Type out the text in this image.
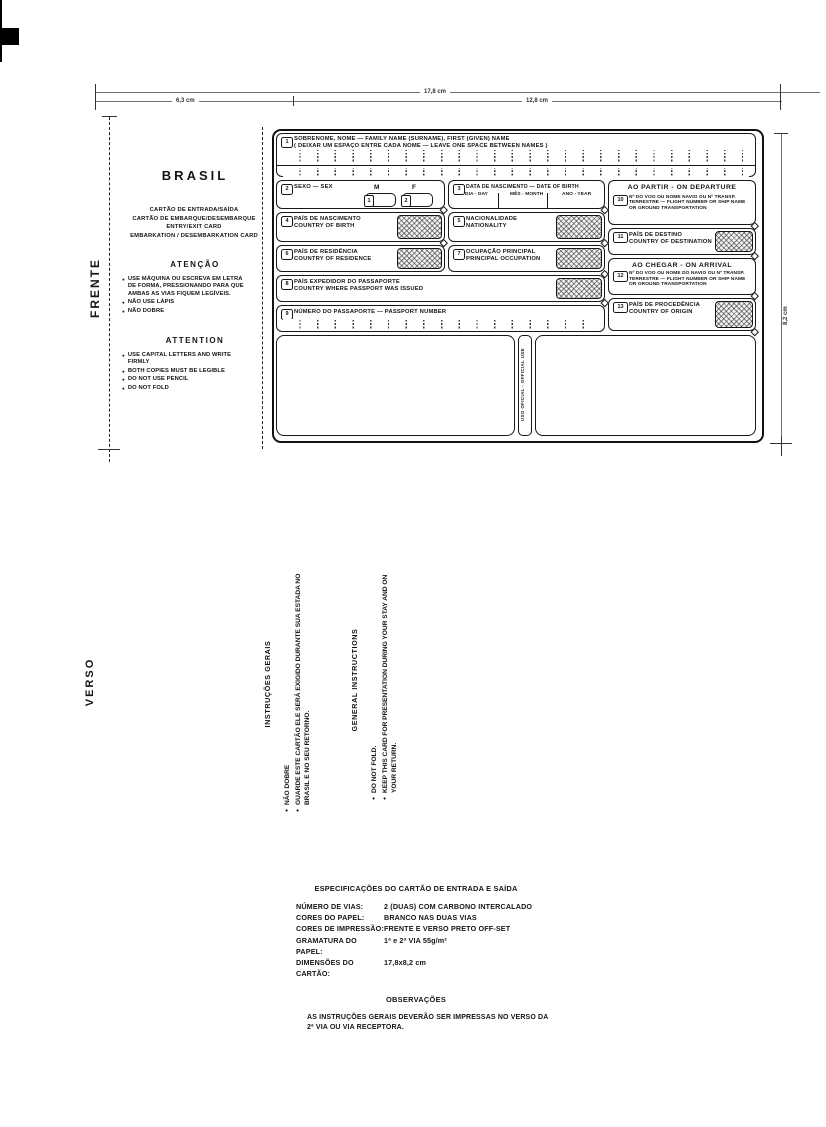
17,8 cm
6,3 cm	12,8 cm
8,2 cm
FRENTE
BRASIL
CARTÃO DE ENTRADA/SAÍDA
CARTÃO DE EMBARQUE/DESEMBARQUE
ENTRY/EXIT CARD
EMBARKATION / DESEMBARKATION CARD
ATENÇÃO
● USE MÁQUINA OU ESCREVA EM LETRA DE FORMA, PRESSIONANDO PARA QUE AMBAS AS VIAS FIQUEM LEGÍVEIS.
● NÃO USE LÁPIS
● NÃO DOBRE
ATTENTION
● USE CAPITAL LETTERS AND WRITE FIRMLY
● BOTH COPIES MUST BE LEGIBLE
● DO NOT USE PENCIL
● DO NOT FOLD
1 SOBRENOME, NOME — FAMILY NAME (SURNAME), FIRST (GIVEN) NAME
( DEIXAR UM ESPAÇO ENTRE CADA NOME — LEAVE ONE SPACE BETWEEN NAMES )
2 SEXO — SEX	M	F
1	2
3	DATA DE NASCIMENTO — DATE OF BIRTH
DIA - DAY	MÊS - MONTH	ANO - YEAR
AO PARTIR - ON DEPARTURE
10	Nº DO VOO OU NOME NAVIO OU Nº TRANSP. TERRESTRE — FLIGHT NUMBER OR SHIP NAME OR GROUND TRANSPORTATION
4 PAÍS DE NASCIMENTO
COUNTRY OF BIRTH
5 NACIONALIDADE
NATIONALITY
11 PAÍS DE DESTINO
COUNTRY OF DESTINATION
6 PAÍS DE RESIDÊNCIA
COUNTRY OF RESIDENCE
7 OCUPAÇÃO PRINCIPAL
PRINCIPAL OCCUPATION
AO CHEGAR - ON ARRIVAL
12	Nº DO VOO OU NOME DO NAVIO OU Nº TRANSP. TERRESTRE — FLIGHT NUMBER OR SHIP NAME OR GROUND TRANSPORTATION
8 PAÍS EXPEDIDOR DO PASSAPORTE
COUNTRY WHERE PASSPORT WAS ISSUED
13 PAÍS DE PROCEDÊNCIA
COUNTRY OF ORIGIN
9 NÚMERO DO PASSAPORTE — PASSPORT NUMBER
USO OFICIAL - OFFICIAL USE
VERSO	INSTRUÇÕES GERAIS
●
NÃO DOBRE
●
GUARDE ESTE CARTÃO ELE SERÁ EXIGIDO DURANTE SUA ESTADA NO BRASIL E NO SEU RETORNO.
GENERAL INSTRUCTIONS
●
DO NOT FOLD.
●
KEEP THIS CARD FOR PRESENTATION DURING YOUR STAY AND ON YOUR RETURN.
ESPECIFICAÇÕES DO CARTÃO DE ENTRADA E SAÍDA
NÚMERO DE VIAS:	2 (DUAS) COM CARBONO INTERCALADO
CORES DO PAPEL:	BRANCO NAS DUAS VIAS
CORES DE IMPRESSÃO: FRENTE E VERSO PRETO OFF-SET
GRAMATURA DO PAPEL:
1ª e 2ª VIA 55g/m²
DIMENSÕES DO CARTÃO:
17,8x8,2 cm
OBSERVAÇÕES
AS INSTRUÇÕES GERAIS DEVERÃO SER IMPRESSAS NO VERSO DA
2ª VIA OU VIA RECEPTORA.
